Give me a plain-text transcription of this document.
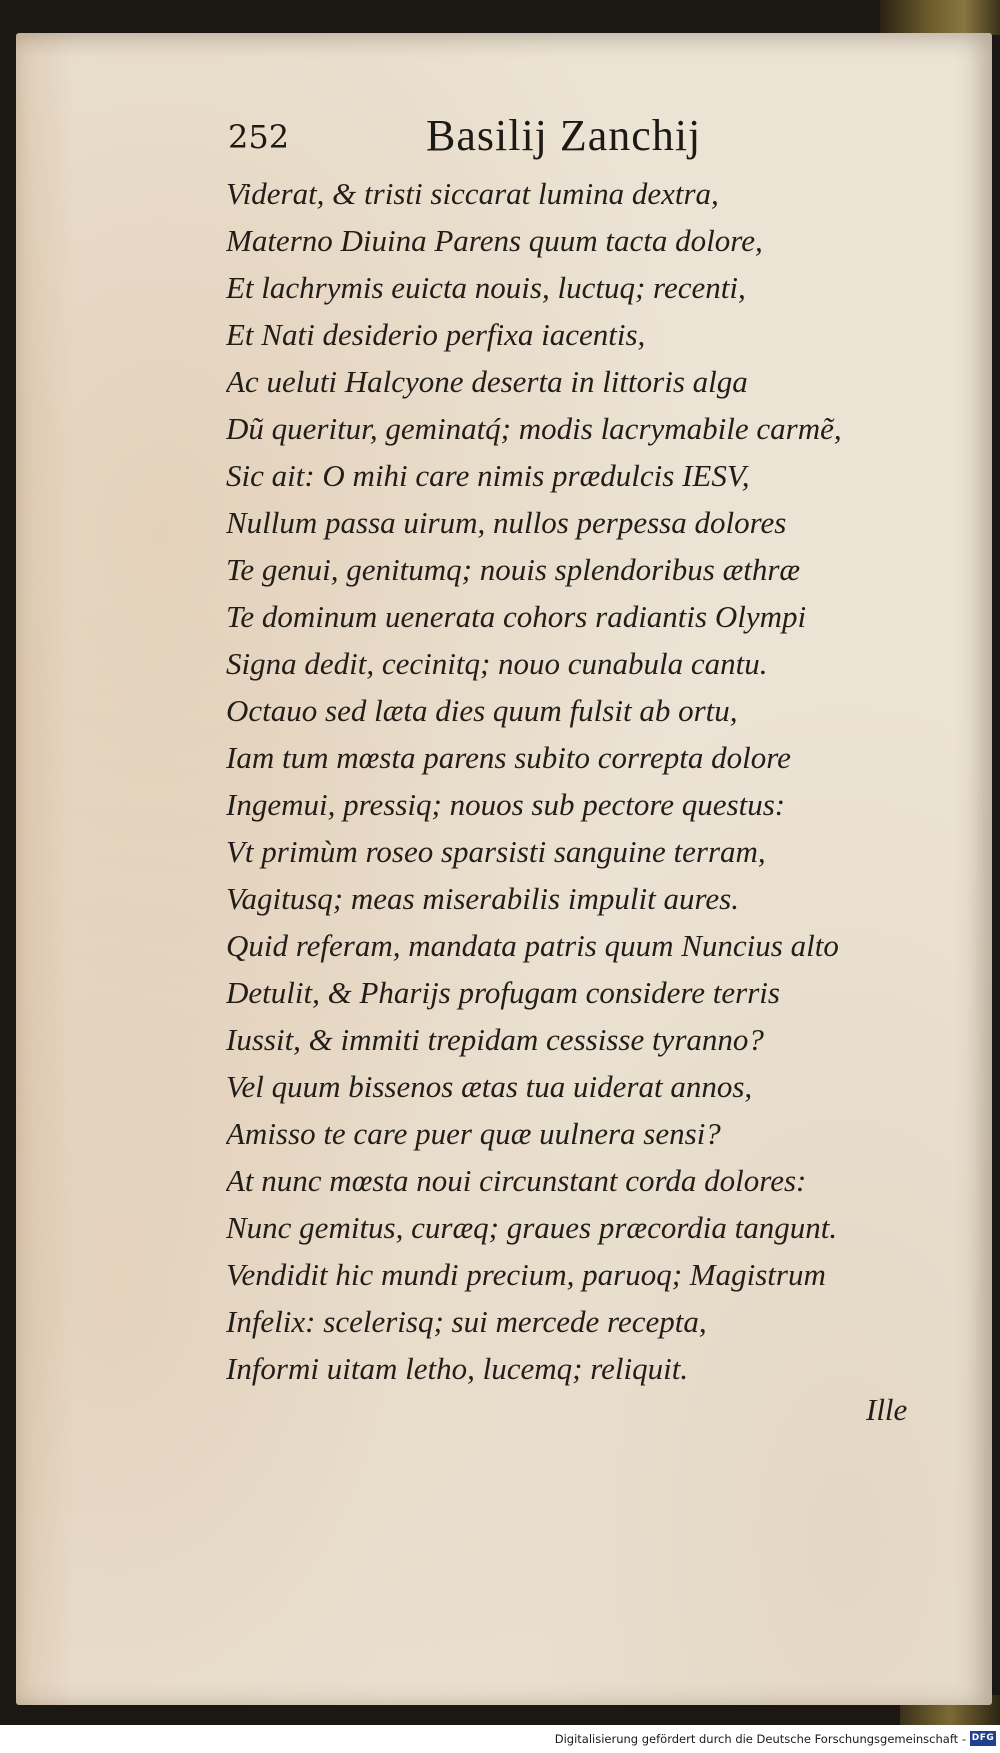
252	Basilij Zanchij
Viderat, & tristi siccarat lumina dextra,
Materno Diuina Parens quum tacta dolore,
Et lachrymis euicta nouis, luctuq; recenti,
Et Nati desiderio perfixa iacentis,
Ac ueluti Halcyone deserta in littoris alga
Dũ queritur, geminatq́; modis lacrymabile carmẽ,
Sic ait: O mihi care nimis prædulcis IESV,
Nullum passa uirum, nullos perpessa dolores
Te genui, genitumq; nouis splendoribus æthræ
Te dominum uenerata cohors radiantis Olympi
Signa dedit, cecinitq; nouo cunabula cantu.
Octauo sed læta dies quum fulsit ab ortu,
Iam tum mœsta parens subito correpta dolore
Ingemui, pressiq; nouos sub pectore questus:
Vt primùm roseo sparsisti sanguine terram,
Vagitusq; meas miserabilis impulit aures.
Quid referam, mandata patris quum Nuncius alto
Detulit, & Pharijs profugam considere terris
Iussit, & immiti trepidam cessisse tyranno?
Vel quum bissenos ætas tua uiderat annos,
Amisso te care puer quæ uulnera sensi?
At nunc mœsta noui circunstant corda dolores:
Nunc gemitus, curæq; graues præcordia tangunt.
Vendidit hic mundi precium, paruoq; Magistrum
Infelix: scelerisq; sui mercede recepta,
Informi uitam letho, lucemq; reliquit.
Ille
Digitalisierung gefördert durch die Deutsche Forschungsgemeinschaft - DFG
